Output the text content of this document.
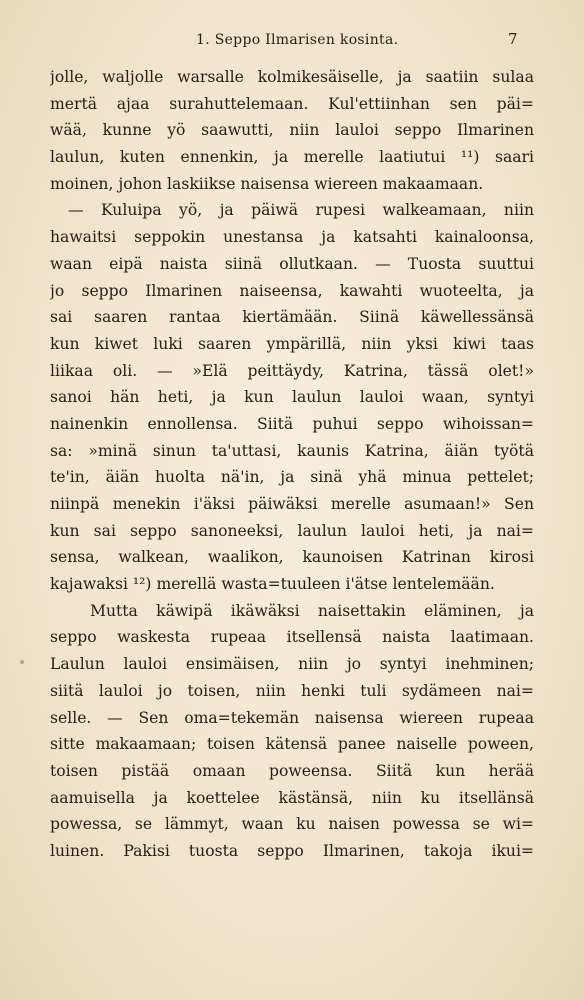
1. Seppo Ilmarisen kosinta.	7
jolle, waljolle warsalle kolmikesäiselle, ja saatiin sulaa
mertä ajaa surahuttelemaan. Kul'ettiinhan sen päi=
wää, kunne yö saawutti, niin lauloi seppo Ilmarinen
laulun, kuten ennenkin, ja merelle laatiutui ¹¹) saari
moinen, johon laskiikse naisensa wiereen makaamaan.
— Kuluipa yö, ja päiwä rupesi walkeamaan, niin
hawaitsi seppokin unestansa ja katsahti kainaloonsa,
waan eipä naista siinä ollutkaan. — Tuosta suuttui
jo seppo Ilmarinen naiseensa, kawahti wuoteelta, ja
sai saaren rantaa kiertämään. Siinä käwellessänsä
kun kiwet luki saaren ympärillä, niin yksi kiwi taas
liikaa oli. — »Elä peittäydy, Katrina, tässä olet!»
sanoi hän heti, ja kun laulun lauloi waan, syntyi
nainenkin ennollensa. Siitä puhui seppo wihoissan=
sa: »minä sinun ta'uttasi, kaunis Katrina, äiän työtä
te'in, äiän huolta nä'in, ja sinä yhä minua pettelet;
niinpä menekin i'äksi päiwäksi merelle asumaan!» Sen
kun sai seppo sanoneeksi, laulun lauloi heti, ja nai=
sensa, walkean, waalikon, kaunoisen Katrinan kirosi
kajawaksi ¹²) merellä wasta=tuuleen i'ätse lentelemään.
Mutta käwipä ikäwäksi naisettakin eläminen, ja
seppo waskesta rupeaa itsellensä naista laatimaan.
Laulun lauloi ensimäisen, niin jo syntyi inehminen;
siitä lauloi jo toisen, niin henki tuli sydämeen nai=
selle. — Sen oma=tekemän naisensa wiereen rupeaa
sitte makaamaan; toisen kätensä panee naiselle poween,
toisen pistää omaan poweensa. Siitä kun herää
aamuisella ja koettelee kästänsä, niin ku itsellänsä
powessa, se lämmyt, waan ku naisen powessa se wi=
luinen. Pakisi tuosta seppo Ilmarinen, takoja ikui=
